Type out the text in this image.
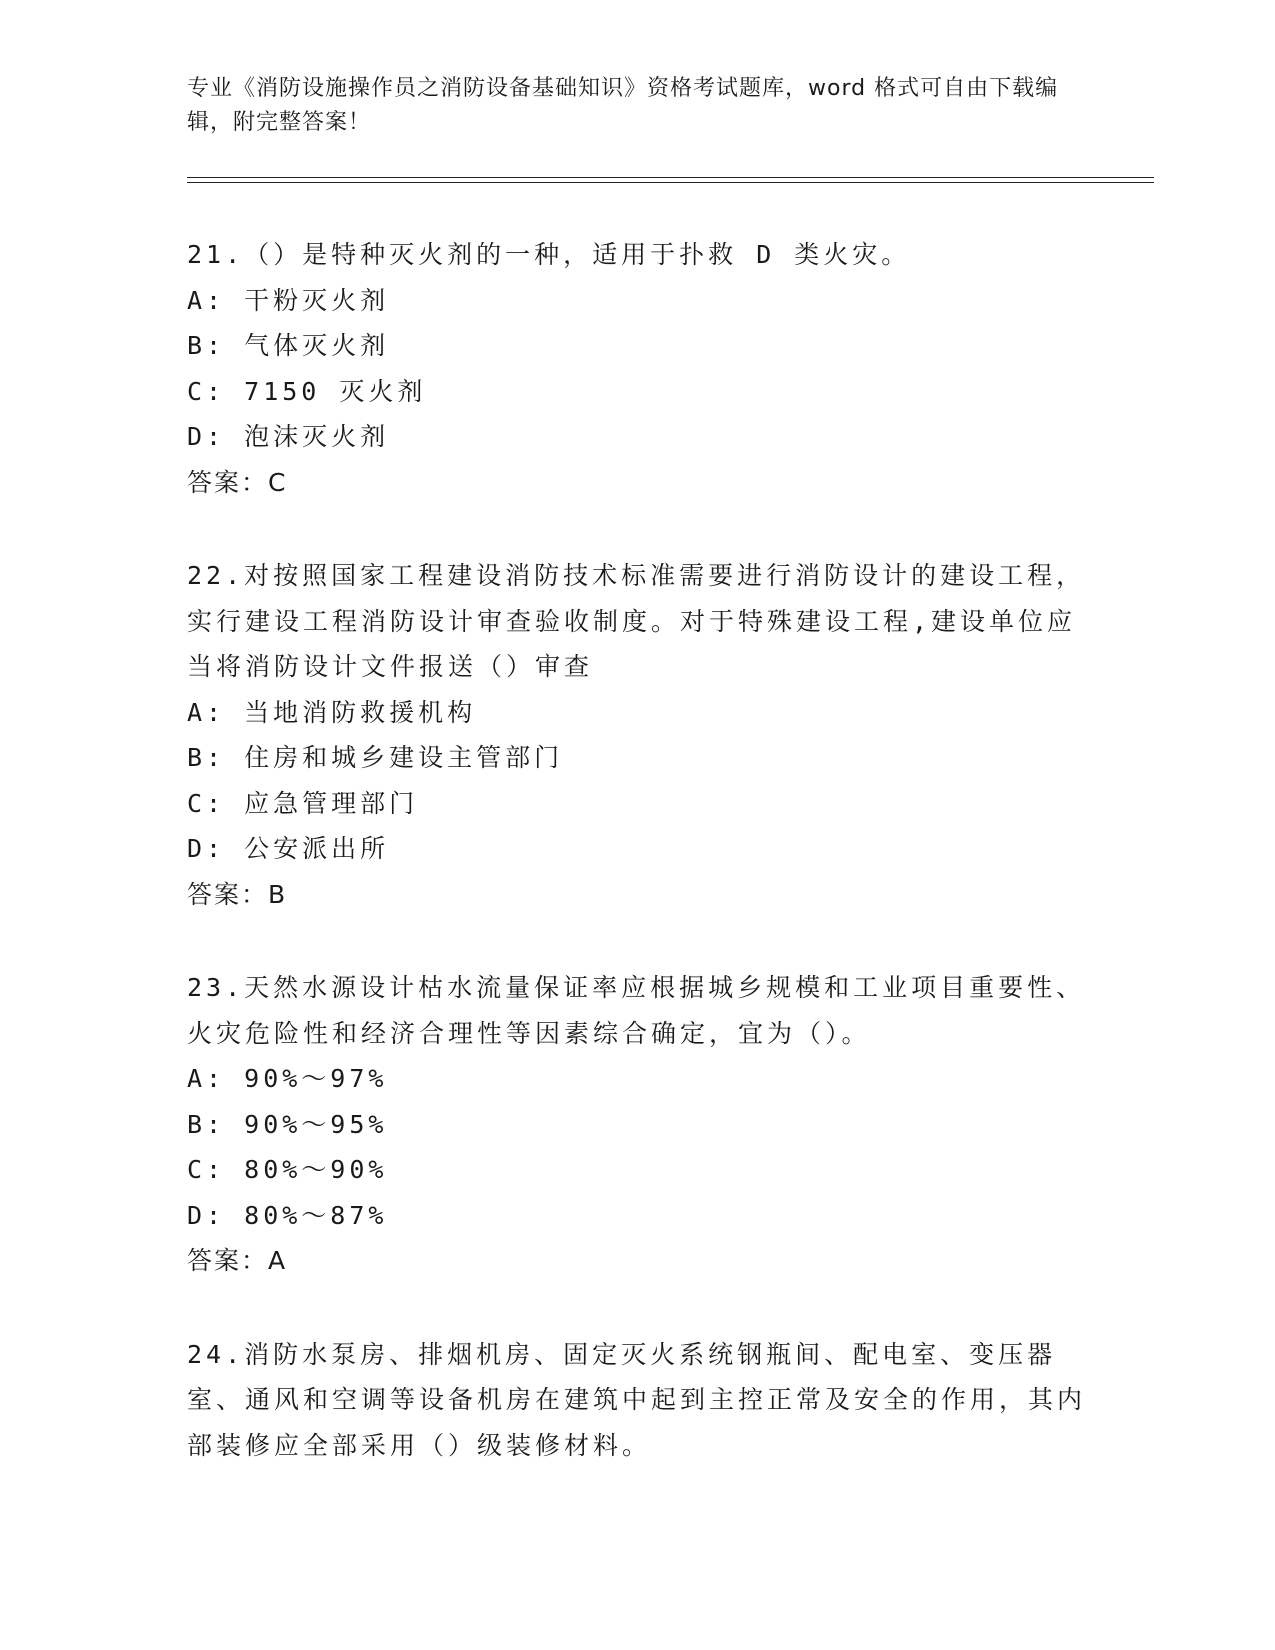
专业《消防设施操作员之消防设备基础知识》资格考试题库，word 格式可自由下载编辑，附完整答案！
21.（）是特种灭火剂的一种，适用于扑救 D 类火灾。
A: 干粉灭火剂
B: 气体灭火剂
C: 7150 灭火剂
D: 泡沫灭火剂
答案：C
22.对按照国家工程建设消防技术标准需要进行消防设计的建设工程，实行建设工程消防设计审查验收制度。对于特殊建设工程,建设单位应当将消防设计文件报送（）审查
A: 当地消防救援机构
B: 住房和城乡建设主管部门
C: 应急管理部门
D: 公安派出所
答案：B
23.天然水源设计枯水流量保证率应根据城乡规模和工业项目重要性、火灾危险性和经济合理性等因素综合确定，宜为（）。
A: 90%～97%
B: 90%～95%
C: 80%～90%
D: 80%～87%
答案：A
24.消防水泵房、排烟机房、固定灭火系统钢瓶间、配电室、变压器室、通风和空调等设备机房在建筑中起到主控正常及安全的作用，其内部装修应全部采用（）级装修材料。
